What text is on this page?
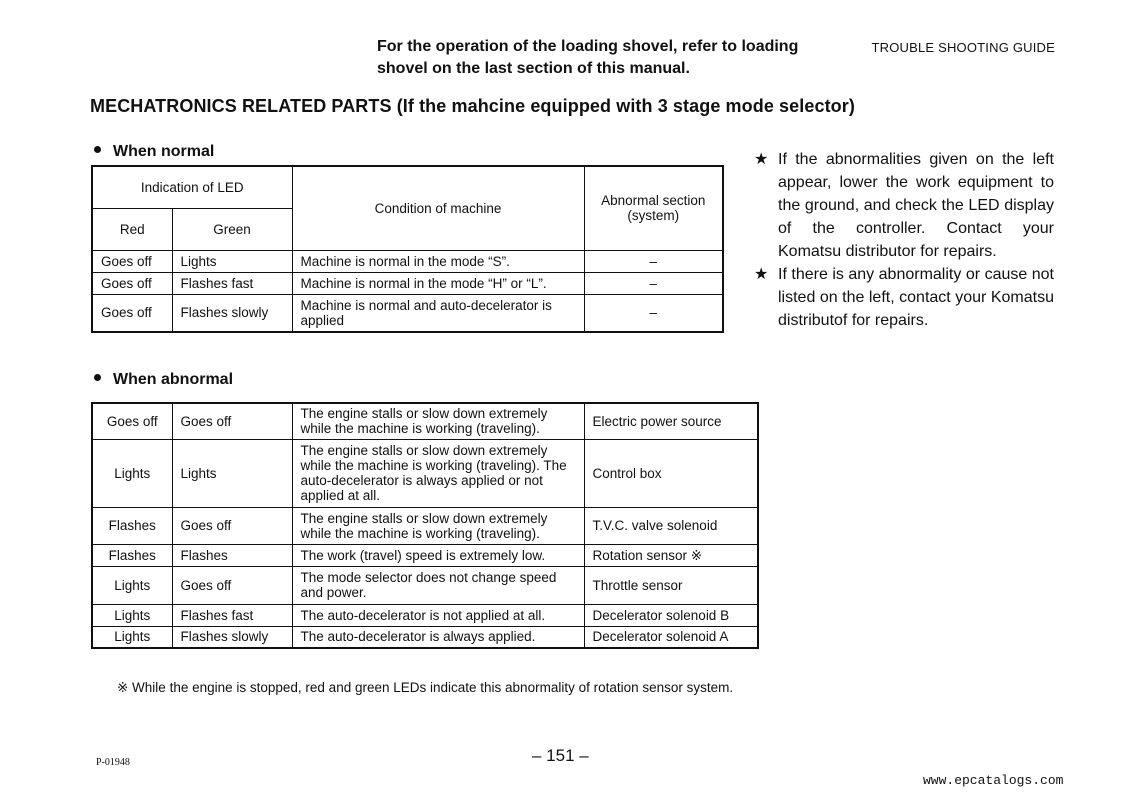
For the operation of the loading shovel, refer to loading shovel on the last section of this manual.
TROUBLE SHOOTING GUIDE
MECHATRONICS RELATED PARTS (If the mahcine equipped with 3 stage mode selector)
When normal
Indication of LED		Condition of machine	Abnormal section (system)
Red	Green		
Goes off	Lights	Machine is normal in the mode “S”.	–
Goes off	Flashes fast	Machine is normal in the mode “H” or “L”.	–
Goes off	Flashes slowly	Machine is normal and auto-decelerator is applied	–
When abnormal
Goes off	Goes off	The engine stalls or slow down extremely while the machine is working (traveling).	Electric power source
Lights	Lights	The engine stalls or slow down extremely while the machine is working (traveling). The auto-decelerator is always applied or not applied at all.	Control box
Flashes	Goes off	The engine stalls or slow down extremely while the machine is working (traveling).	T.V.C. valve solenoid
Flashes	Flashes	The work (travel) speed is extremely low.	Rotation sensor ※
Lights	Goes off	The mode selector does not change speed and power.	Throttle sensor
Lights	Flashes fast	The auto-decelerator is not applied at all.	Decelerator solenoid B
Lights	Flashes slowly	The auto-decelerator is always applied.	Decelerator solenoid A
★ If the abnormalities given on the left appear, lower the work equipment to the ground, and check the LED display of the controller. Contact your Komatsu distributor for repairs.
★ If there is any abnormality or cause not listed on the left, contact your Komatsu distributof for repairs.
※ While the engine is stopped, red and green LEDs indicate this abnormality of rotation sensor system.
– 151 –
P-01948
www.epcatalogs.com
